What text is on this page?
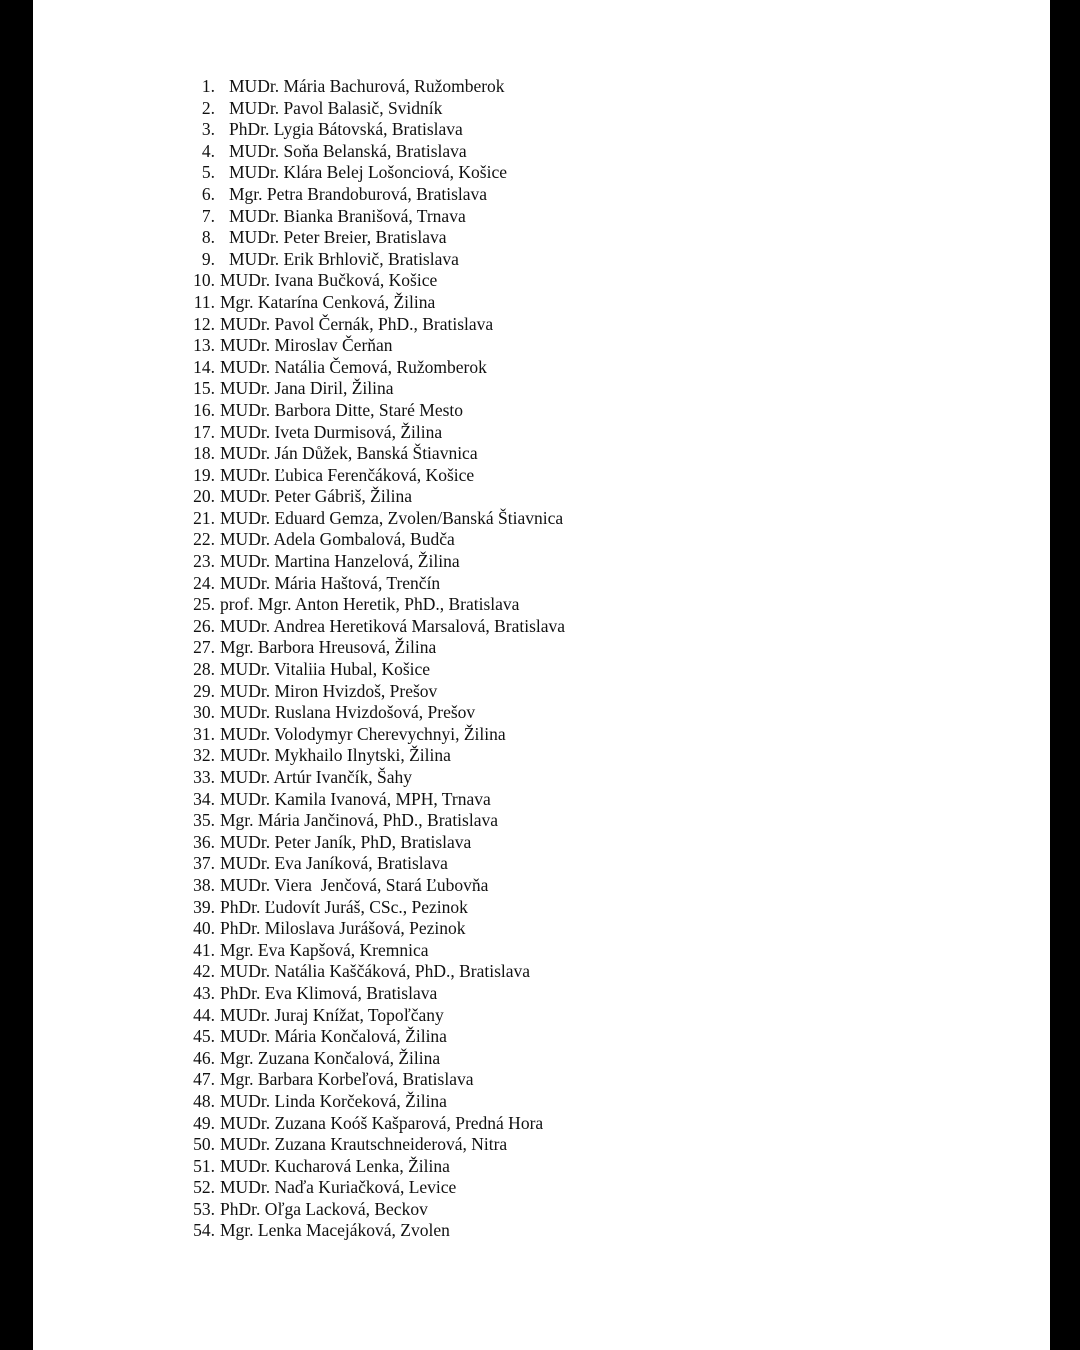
1. MUDr. Mária Bachurová, Ružomberok
2. MUDr. Pavol Balasič, Svidník
3. PhDr. Lygia Bátovská, Bratislava
4. MUDr. Soňa Belanská, Bratislava
5. MUDr. Klára Belej Lošonciová, Košice
6. Mgr. Petra Brandoburová, Bratislava
7. MUDr. Bianka Branišová, Trnava
8. MUDr. Peter Breier, Bratislava
9. MUDr. Erik Brhlovič, Bratislava
10. MUDr. Ivana Bučková, Košice
11. Mgr. Katarína Cenková, Žilina
12. MUDr. Pavol Černák, PhD., Bratislava
13. MUDr. Miroslav Čerňan
14. MUDr. Natália Čemová, Ružomberok
15. MUDr. Jana Diril, Žilina
16. MUDr. Barbora Ditte, Staré Mesto
17. MUDr. Iveta Durmisová, Žilina
18. MUDr. Ján Důžek, Banská Štiavnica
19. MUDr. Ľubica Ferenčáková, Košice
20. MUDr. Peter Gábriš, Žilina
21. MUDr. Eduard Gemza, Zvolen/Banská Štiavnica
22. MUDr. Adela Gombalová, Budča
23. MUDr. Martina Hanzelová, Žilina
24. MUDr. Mária Haštová, Trenčín
25. prof. Mgr. Anton Heretik, PhD., Bratislava
26. MUDr. Andrea Heretiková Marsalová, Bratislava
27. Mgr. Barbora Hreusová, Žilina
28. MUDr. Vitaliia Hubal, Košice
29. MUDr. Miron Hvizdoš, Prešov
30. MUDr. Ruslana Hvizdošová, Prešov
31. MUDr. Volodymyr Cherevychnyi, Žilina
32. MUDr. Mykhailo Ilnytski, Žilina
33. MUDr. Artúr Ivančík, Šahy
34. MUDr. Kamila Ivanová, MPH, Trnava
35. Mgr. Mária Jančinová, PhD., Bratislava
36. MUDr. Peter Janík, PhD, Bratislava
37. MUDr. Eva Janíková, Bratislava
38. MUDr. Viera  Jenčová, Stará Ľubovňa
39. PhDr. Ľudovít Juráš, CSc., Pezinok
40. PhDr. Miloslava Jurášová, Pezinok
41. Mgr. Eva Kapšová, Kremnica
42. MUDr. Natália Kaščáková, PhD., Bratislava
43. PhDr. Eva Klimová, Bratislava
44. MUDr. Juraj Knížat, Topoľčany
45. MUDr. Mária Končalová, Žilina
46. Mgr. Zuzana Končalová, Žilina
47. Mgr. Barbara Korbeľová, Bratislava
48. MUDr. Linda Korčeková, Žilina
49. MUDr. Zuzana Koóš Kašparová, Predná Hora
50. MUDr. Zuzana Krautschneiderová, Nitra
51. MUDr. Kucharová Lenka, Žilina
52. MUDr. Naďa Kuriačková, Levice
53. PhDr. Oľga Lacková, Beckov
54. Mgr. Lenka Macejáková, Zvolen
